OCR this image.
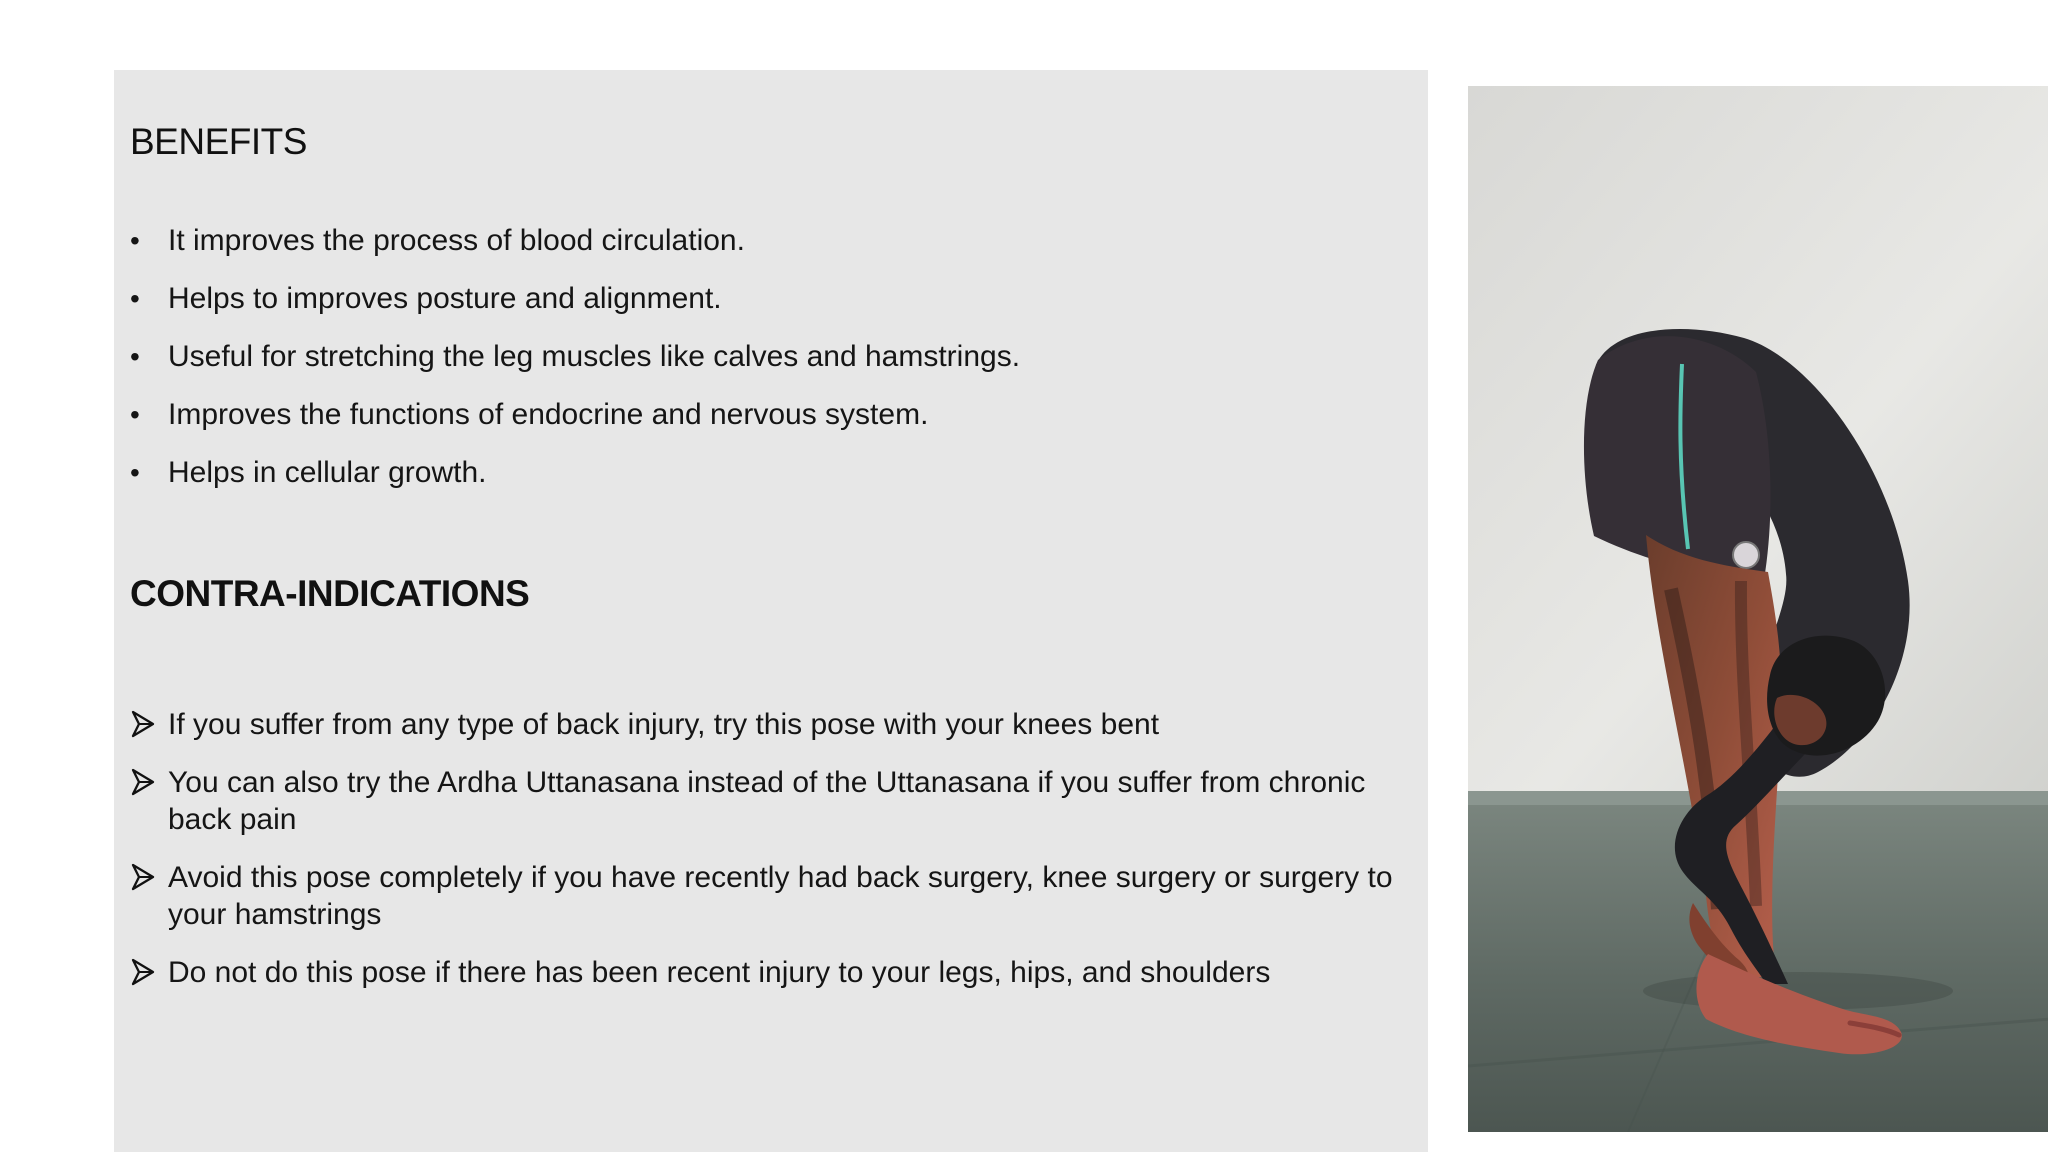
BENEFITS
• It improves the process of blood circulation.
• Helps to improves posture and alignment.
• Useful for stretching the leg muscles like calves and hamstrings.
• Improves the functions of endocrine and nervous system.
• Helps in cellular growth.
CONTRA-INDICATIONS
If you suffer from any type of back injury, try this pose with your knees bent
You can also try the Ardha Uttanasana instead of the Uttanasana if you suffer from chronic back pain
Avoid this pose completely if you have recently had back surgery, knee surgery or surgery to your hamstrings
Do not do this pose if there has been recent injury to your legs, hips, and shoulders
